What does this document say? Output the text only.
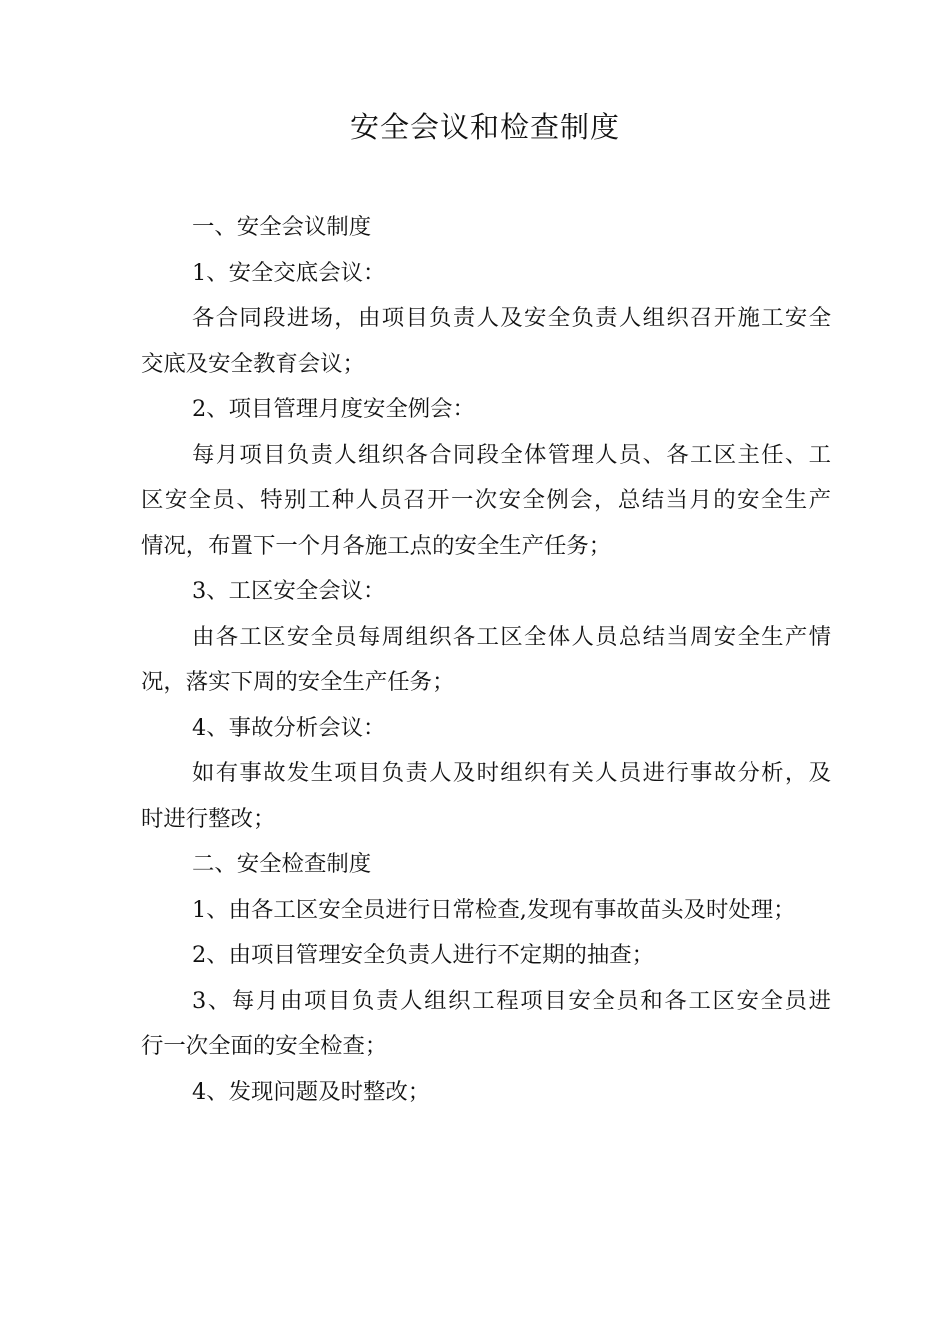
安全会议和检查制度
一、安全会议制度
1、安全交底会议：
各合同段进场，由项目负责人及安全负责人组织召开施工安全
交底及安全教育会议；
2、项目管理月度安全例会：
每月项目负责人组织各合同段全体管理人员、各工区主任、工
区安全员、特别工种人员召开一次安全例会，总结当月的安全生产
情况，布置下一个月各施工点的安全生产任务；
3、工区安全会议：
由各工区安全员每周组织各工区全体人员总结当周安全生产情
况，落实下周的安全生产任务；
4、事故分析会议：
如有事故发生项目负责人及时组织有关人员进行事故分析，及
时进行整改；
二、安全检查制度
1、由各工区安全员进行日常检查,发现有事故苗头及时处理；
2、由项目管理安全负责人进行不定期的抽查；
3、每月由项目负责人组织工程项目安全员和各工区安全员进
行一次全面的安全检查；
4、发现问题及时整改；
